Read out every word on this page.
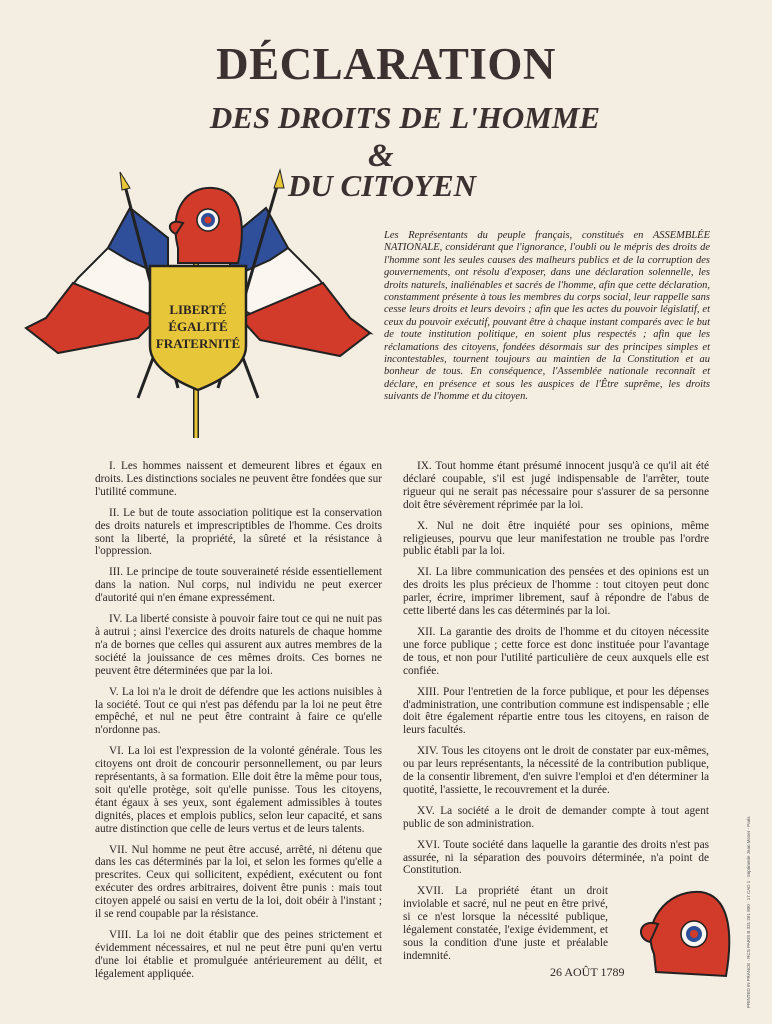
DÉCLARATION
DES DROITS DE L'HOMME
&
DU CITOYEN
LIBERTÉ
ÉGALITÉ
FRATERNITÉ
Les Représentants du peuple français, constitués en ASSEMBLÉE NATIONALE, considérant que l'ignorance, l'oubli ou le mépris des droits de l'homme sont les seules causes des malheurs publics et de la corruption des gouvernements, ont résolu d'exposer, dans une déclaration solennelle, les droits naturels, inaliénables et sacrés de l'homme, afin que cette déclaration, constamment présente à tous les membres du corps social, leur rappelle sans cesse leurs droits et leurs devoirs ; afin que les actes du pouvoir législatif, et ceux du pouvoir exécutif, pouvant être à chaque instant comparés avec le but de toute institution politique, en soient plus respectés ; afin que les réclamations des citoyens, fondées désormais sur des principes simples et incontestables, tournent toujours au maintien de la Constitution et au bonheur de tous. En conséquence, l'Assemblée nationale reconnaît et déclare, en présence et sous les auspices de l'Être suprême, les droits suivants de l'homme et du citoyen.

I. Les hommes naissent et demeurent libres et égaux en droits. Les distinctions sociales ne peuvent être fondées que sur l'utilité commune.

II. Le but de toute association politique est la conservation des droits naturels et imprescriptibles de l'homme. Ces droits sont la liberté, la propriété, la sûreté et la résistance à l'oppression.

III. Le principe de toute souveraineté réside essentiellement dans la nation. Nul corps, nul individu ne peut exercer d'autorité qui n'en émane expressément.

IV. La liberté consiste à pouvoir faire tout ce qui ne nuit pas à autrui ; ainsi l'exercice des droits naturels de chaque homme n'a de bornes que celles qui assurent aux autres membres de la société la jouissance de ces mêmes droits. Ces bornes ne peuvent être déterminées que par la loi.

V. La loi n'a le droit de défendre que les actions nuisibles à la société. Tout ce qui n'est pas défendu par la loi ne peut être empêché, et nul ne peut être contraint à faire ce qu'elle n'ordonne pas.

VI. La loi est l'expression de la volonté générale. Tous les citoyens ont droit de concourir personnellement, ou par leurs représentants, à sa formation. Elle doit être la même pour tous, soit qu'elle protège, soit qu'elle punisse. Tous les citoyens, étant égaux à ses yeux, sont également admissibles à toutes dignités, places et emplois publics, selon leur capacité, et sans autre distinction que celle de leurs vertus et de leurs talents.

VII. Nul homme ne peut être accusé, arrêté, ni détenu que dans les cas déterminés par la loi, et selon les formes qu'elle a prescrites. Ceux qui sollicitent, expédient, exécutent ou font exécuter des ordres arbitraires, doivent être punis : mais tout citoyen appelé ou saisi en vertu de la loi, doit obéir à l'instant ; il se rend coupable par la résistance.

VIII. La loi ne doit établir que des peines strictement et évidemment nécessaires, et nul ne peut être puni qu'en vertu d'une loi établie et promulguée antérieurement au délit, et légalement appliquée.

IX. Tout homme étant présumé innocent jusqu'à ce qu'il ait été déclaré coupable, s'il est jugé indispensable de l'arrêter, toute rigueur qui ne serait pas nécessaire pour s'assurer de sa personne doit être sévèrement réprimée par la loi.

X. Nul ne doit être inquiété pour ses opinions, même religieuses, pourvu que leur manifestation ne trouble pas l'ordre public établi par la loi.

XI. La libre communication des pensées et des opinions est un des droits les plus précieux de l'homme : tout citoyen peut donc parler, écrire, imprimer librement, sauf à répondre de l'abus de cette liberté dans les cas déterminés par la loi.

XII. La garantie des droits de l'homme et du citoyen nécessite une force publique ; cette force est donc instituée pour l'avantage de tous, et non pour l'utilité particulière de ceux auxquels elle est confiée.

XIII. Pour l'entretien de la force publique, et pour les dépenses d'administration, une contribution commune est indispensable ; elle doit être également répartie entre tous les citoyens, en raison de leurs facultés.

XIV. Tous les citoyens ont le droit de constater par eux-mêmes, ou par leurs représentants, la nécessité de la contribution publique, de la consentir librement, d'en suivre l'emploi et d'en déterminer la quotité, l'assiette, le recouvrement et la durée.

XV. La société a le droit de demander compte à tout agent public de son administration.

XVI. Toute société dans laquelle la garantie des droits n'est pas assurée, ni la séparation des pouvoirs déterminée, n'a point de Constitution.

XVII. La propriété étant un droit inviolable et sacré, nul ne peut en être privé, si ce n'est lorsque la nécessité publique, légalement constatée, l'exige évidemment, et sous la condition d'une juste et préalable indemnité.

26 AOÛT 1789	PRINTED IN FRANCE · RCS PARIS B 331 261 800 · 17 CAD 1 · Imprimerie Jean Moser - Paris
